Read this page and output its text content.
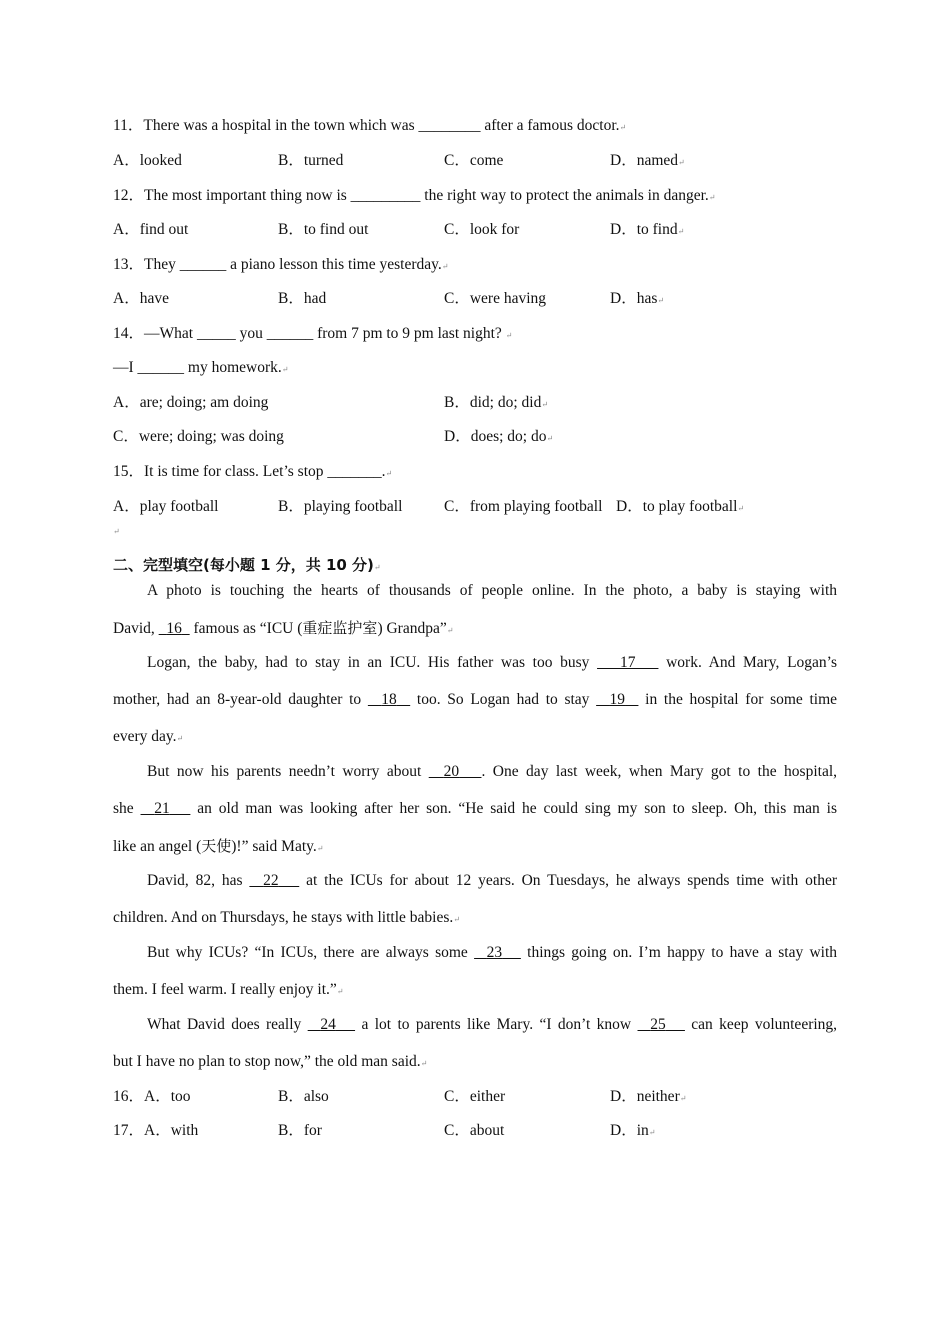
11．There was a hospital in the town which was ________ after a famous doctor.↵
A．looked	B．turned	C．come	D．named↵
12．The most important thing now is _________ the right way to protect the animals in danger.↵
A．find out	B．to find out	C．look for	D．to find↵
13．They ______ a piano lesson this time yesterday.↵
A．have	B．had	C．were having	D．has↵
14．—What _____ you ______ from 7 pm to 9 pm last night? ↵
—I ______ my homework.↵
A．are; doing; am doing	B．did; do; did↵
C．were; doing; was doing	D．does; do; do↵
15．It is time for class. Let’s stop _______.↵
A．play football	B．playing football	C．from playing football D．to play football↵
↵
二、完型填空(每小题 1 分，共 10 分)↵
A photo is touching the hearts of thousands of people online. In the photo, a baby is staying with
David,   16   famous as “ICU (重症监护室) Grandpa”↵
Logan, the baby, had to stay in an ICU. His father was too busy    17    work. And Mary, Logan’s
mother, had an 8-year-old daughter to   18   too. So Logan had to stay   19   in the hospital for some time
every day.↵
But now his parents needn’t worry about   20 . One day last week, when Mary got to the hospital,
she   21    an old man was looking after her son. “He said he could sing my son to sleep. Oh, this man is
like an angel (天使)!” said Maty.↵
David, 82, has   22    at the ICUs for about 12 years. On Tuesdays, he always spends time with other
children. And on Thursdays, he stays with little babies.↵
But why ICUs? “In ICUs, there are always some   23    things going on. I’m happy to have a stay with
them. I feel warm. I really enjoy it.”↵
What David does really   24    a lot to parents like Mary. “I don’t know   25    can keep volunteering,
but I have no plan to stop now,” the old man said.↵
16．A．too	B．also	C．either	D．neither↵
17．A．with	B．for	C．about	D．in↵
